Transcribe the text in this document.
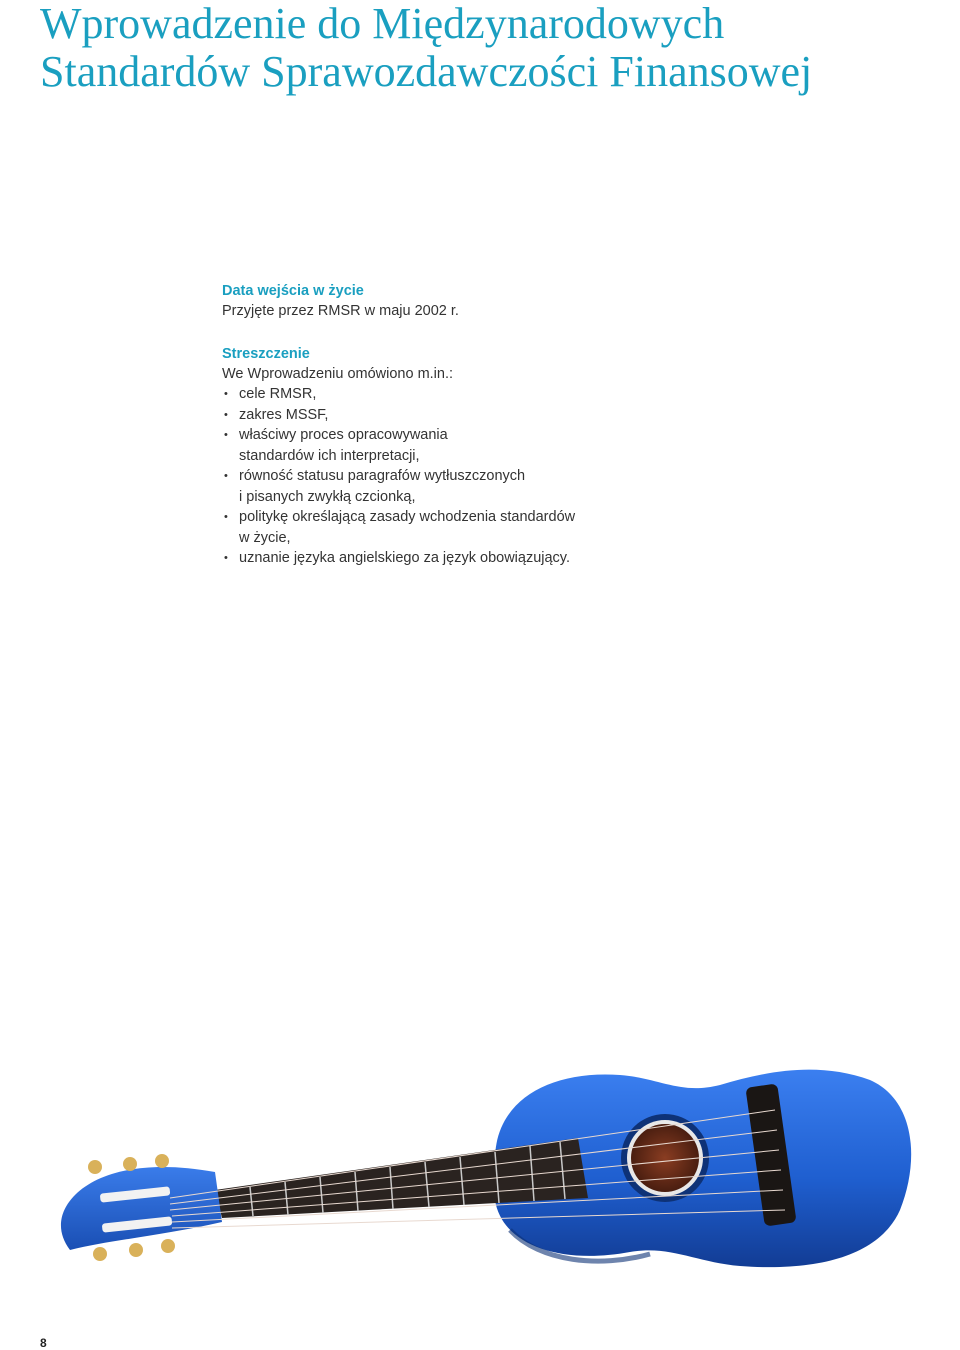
Wprowadzenie do Międzynarodowych
Standardów Sprawozdawczości Finansowej

Data wejścia w życie

Przyjęte przez RMSR w maju 2002 r.

Streszczenie

We Wprowadzeniu omówiono m.in.:

• cele RMSR,
• zakres MSSF,
• właściwy proces opracowywania
standardów ich interpretacji,
• równość statusu paragrafów wytłuszczonych
i pisanych zwykłą czcionką,
• politykę określającą zasady wchodzenia standardów
w życie,
• uznanie języka angielskiego za język obowiązujący.
8
